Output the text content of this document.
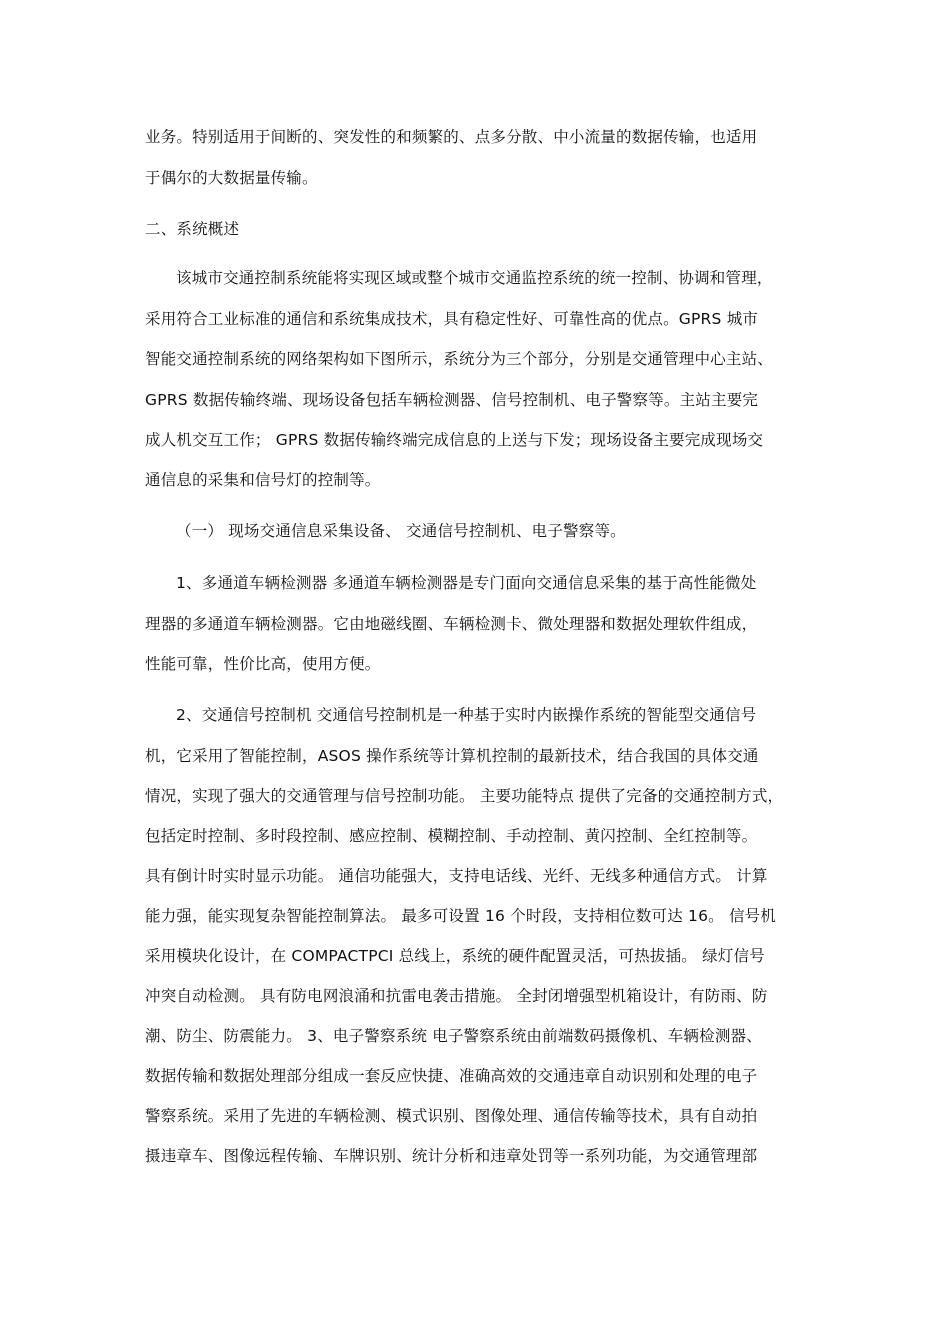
业务。特别适用于间断的、突发性的和频繁的、点多分散、中小流量的数据传输，也适用
于偶尔的大数据量传输。
二、系统概述
该城市交通控制系统能将实现区域或整个城市交通监控系统的统一控制、协调和管理，
采用符合工业标准的通信和系统集成技术，具有稳定性好、可靠性高的优点。GPRS 城市
智能交通控制系统的网络架构如下图所示，系统分为三个部分，分别是交通管理中心主站、
GPRS 数据传输终端、现场设备包括车辆检测器、信号控制机、电子警察等。主站主要完
成人机交互工作； GPRS 数据传输终端完成信息的上送与下发；现场设备主要完成现场交
通信息的采集和信号灯的控制等。
（一） 现场交通信息采集设备、 交通信号控制机、电子警察等。
1、多通道车辆检测器 多通道车辆检测器是专门面向交通信息采集的基于高性能微处
理器的多通道车辆检测器。它由地磁线圈、车辆检测卡、微处理器和数据处理软件组成，
性能可靠，性价比高，使用方便。
2、交通信号控制机 交通信号控制机是一种基于实时内嵌操作系统的智能型交通信号
机，它采用了智能控制，ASOS 操作系统等计算机控制的最新技术，结合我国的具体交通
情况，实现了强大的交通管理与信号控制功能。 主要功能特点 提供了完备的交通控制方式，
包括定时控制、多时段控制、感应控制、模糊控制、手动控制、黄闪控制、全红控制等。
具有倒计时实时显示功能。 通信功能强大，支持电话线、光纤、无线多种通信方式。 计算
能力强，能实现复杂智能控制算法。 最多可设置 16 个时段，支持相位数可达 16。 信号机
采用模块化设计，在 COMPACTPCI 总线上，系统的硬件配置灵活，可热拔插。 绿灯信号
冲突自动检测。 具有防电网浪涌和抗雷电袭击措施。 全封闭增强型机箱设计，有防雨、防
潮、防尘、防震能力。 3、电子警察系统 电子警察系统由前端数码摄像机、车辆检测器、
数据传输和数据处理部分组成一套反应快捷、准确高效的交通违章自动识别和处理的电子
警察系统。采用了先进的车辆检测、模式识别、图像处理、通信传输等技术，具有自动拍
摄违章车、图像远程传输、车牌识别、统计分析和违章处罚等一系列功能，为交通管理部
